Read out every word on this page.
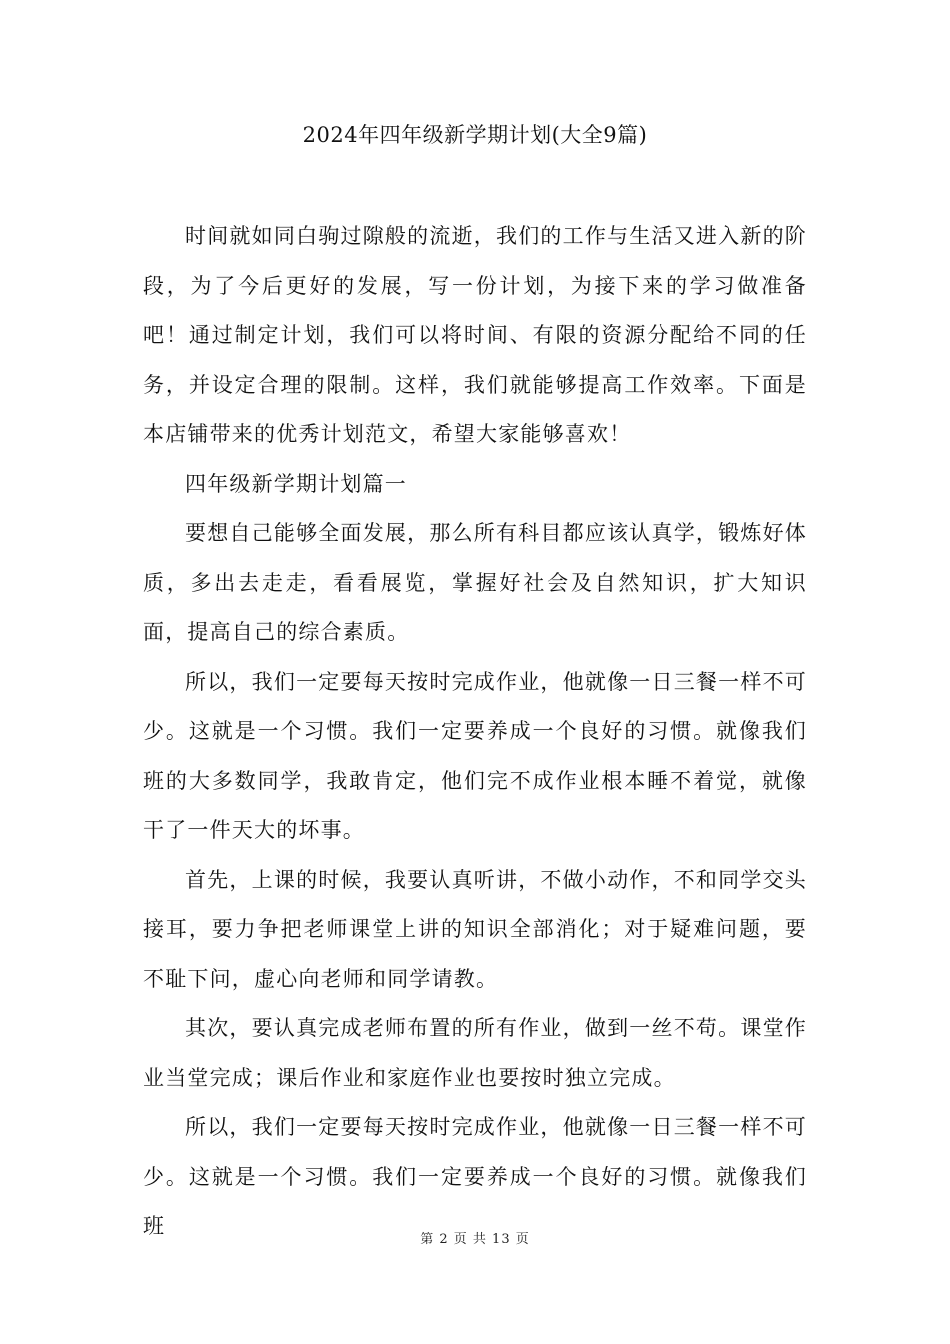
2024年四年级新学期计划(大全9篇)

时间就如同白驹过隙般的流逝，我们的工作与生活又进入新的阶段，为了今后更好的发展，写一份计划，为接下来的学习做准备吧！通过制定计划，我们可以将时间、有限的资源分配给不同的任务，并设定合理的限制。这样，我们就能够提高工作效率。下面是本店铺带来的优秀计划范文，希望大家能够喜欢！

四年级新学期计划篇一

要想自己能够全面发展，那么所有科目都应该认真学，锻炼好体质，多出去走走，看看展览，掌握好社会及自然知识，扩大知识面，提高自己的综合素质。

所以，我们一定要每天按时完成作业，他就像一日三餐一样不可少。这就是一个习惯。我们一定要养成一个良好的习惯。就像我们班的大多数同学，我敢肯定，他们完不成作业根本睡不着觉，就像干了一件天大的坏事。

首先，上课的时候，我要认真听讲，不做小动作，不和同学交头接耳，要力争把老师课堂上讲的知识全部消化；对于疑难问题，要不耻下问，虚心向老师和同学请教。

其次，要认真完成老师布置的所有作业，做到一丝不苟。课堂作业当堂完成；课后作业和家庭作业也要按时独立完成。

所以，我们一定要每天按时完成作业，他就像一日三餐一样不可少。这就是一个习惯。我们一定要养成一个良好的习惯。就像我们班

第 2 页 共 13 页
